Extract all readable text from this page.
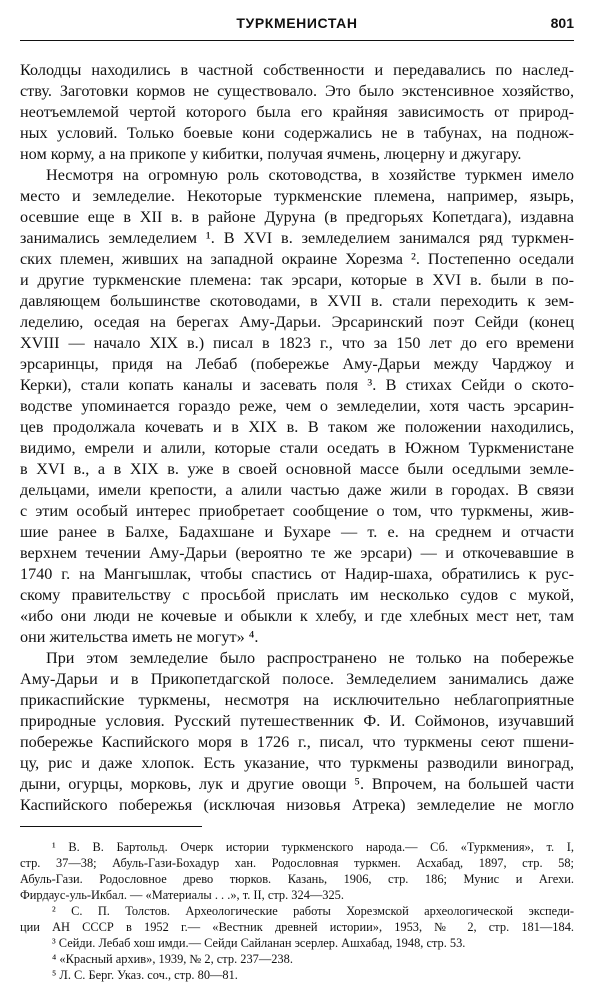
ТУРКМЕНИСТАН	801
Колодцы находились в частной собственности и передавались по наслед-
ству. Заготовки кормов не существовало. Это было экстенсивное хозяйство,
неотъемлемой чертой которого была его крайняя зависимость от природ-
ных условий. Только боевые кони содержались не в табунах, на поднож-
ном корму, а на прикопе у кибитки, получая ячмень, люцерну и джугару.
Несмотря на огромную роль скотоводства, в хозяйстве туркмен имело
место и земледелие. Некоторые туркменские племена, например, язырь,
осевшие еще в XII в. в районе Дуруна (в предгорьях Копетдага), издавна
занимались земледелием ¹. В XVI в. земледелием занимался ряд туркмен-
ских племен, живших на западной окраине Хорезма ². Постепенно оседали
и другие туркменские племена: так эрсари, которые в XVI в. были в по-
давляющем большинстве скотоводами, в XVII в. стали переходить к зем-
леделию, оседая на берегах Аму-Дарьи. Эрсаринский поэт Сейди (конец
XVIII — начало XIX в.) писал в 1823 г., что за 150 лет до его времени
эрсаринцы, придя на Лебаб (побережье Аму-Дарьи между Чарджоу и
Керки), стали копать каналы и засевать поля ³. В стихах Сейди о ското-
водстве упоминается гораздо реже, чем о земледелии, хотя часть эрсарин-
цев продолжала кочевать и в XIX в. В таком же положении находились,
видимо, емрели и алили, которые стали оседать в Южном Туркменистане
в XVI в., а в XIX в. уже в своей основной массе были оседлыми земле-
дельцами, имели крепости, а алили частью даже жили в городах. В связи
с этим особый интерес приобретает сообщение о том, что туркмены, жив-
шие ранее в Балхе, Бадахшане и Бухаре — т. е. на среднем и отчасти
верхнем течении Аму-Дарьи (вероятно те же эрсари) — и откочевавшие в
1740 г. на Мангышлак, чтобы спастись от Надир-шаха, обратились к рус-
скому правительству с просьбой прислать им несколько судов с мукой,
«ибо они люди не кочевые и обыкли к хлебу, и где хлебных мест нет, там
они жительства иметь не могут» ⁴.
При этом земледелие было распространено не только на побережье
Аму-Дарьи и в Прикопетдагской полосе. Земледелием занимались даже
прикаспийские туркмены, несмотря на исключительно неблагоприятные
природные условия. Русский путешественник Ф. И. Соймонов, изучавший
побережье Каспийского моря в 1726 г., писал, что туркмены сеют пшени-
цу, рис и даже хлопок. Есть указание, что туркмены разводили виноград,
дыни, огурцы, морковь, лук и другие овощи ⁵. Впрочем, на большей части
Каспийского побережья (исключая низовья Атрека) земледелие не могло
¹ В. В. Бартольд. Очерк истории туркменского народа.— Сб. «Туркмения», т. I,
стр. 37—38; Абуль-Гази-Бохадур хан. Родословная туркмен. Асхабад, 1897, стр. 58;
Абуль-Гази. Родословное древо тюрков. Казань, 1906, стр. 186; Мунис и Агехи.
Фирдаус-уль-Икбал. — «Материалы . . .», т. II, стр. 324—325.
² С. П. Толстов. Археологические работы Хорезмской археологической экспеди-
ции АН СССР в 1952 г.— «Вестник древней истории», 1953, № 2, стр. 181—184.
³ Сейди. Лебаб хош имди.— Сейди Сайланан эсерлер. Ашхабад, 1948, стр. 53.
⁴ «Красный архив», 1939, № 2, стр. 237—238.
⁵ Л. С. Берг. Указ. соч., стр. 80—81.
